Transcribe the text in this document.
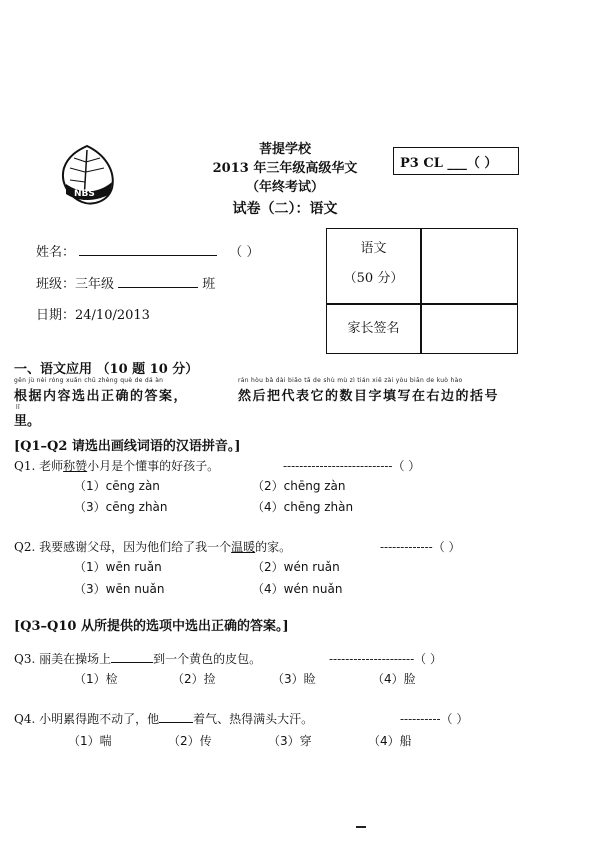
NBS
菩提学校
2013 年三年级高级华文
（年终考试）
试卷（二）：语文
P3 CL ___（ ）
姓名：	（ ）
班级：三年级	班
日期：24/10/2013
语文
（50 分）
家长签名
一、语文应用 （10 题 10 分）
gēn jù nèi róng xuǎn chū zhèng què de dá àn	rán hòu bǎ dài biǎo tā de shù mù zì tián xiě zài yòu biān de kuò hào
根据内容选出正确的答案，	然后把代表它的数目字填写在右边的括号
lǐ
里。
[Q1–Q2 请选出画线词语的汉语拼音。]
Q1. 老师称赞小月是个懂事的好孩子。	---------------------------（ ）
（1）cēng zàn	（2）chēng zàn
（3）cēng zhàn	（4）chēng zhàn
Q2. 我要感谢父母，因为他们给了我一个温暖的家。	-------------（ ）
（1）wēn ruǎn	（2）wén ruǎn
（3）wēn nuǎn	（4）wén nuǎn
[Q3–Q10 从所提供的选项中选出正确的答案。]
Q3. 丽美在操场上	到一个黄色的皮包。	---------------------（ ）
（1）检	（2）捡	（3）睑	（4）脸
Q4. 小明累得跑不动了，他	着气、热得满头大汗。	----------（ ）
（1）喘	（2）传	（3）穿	（4）船
